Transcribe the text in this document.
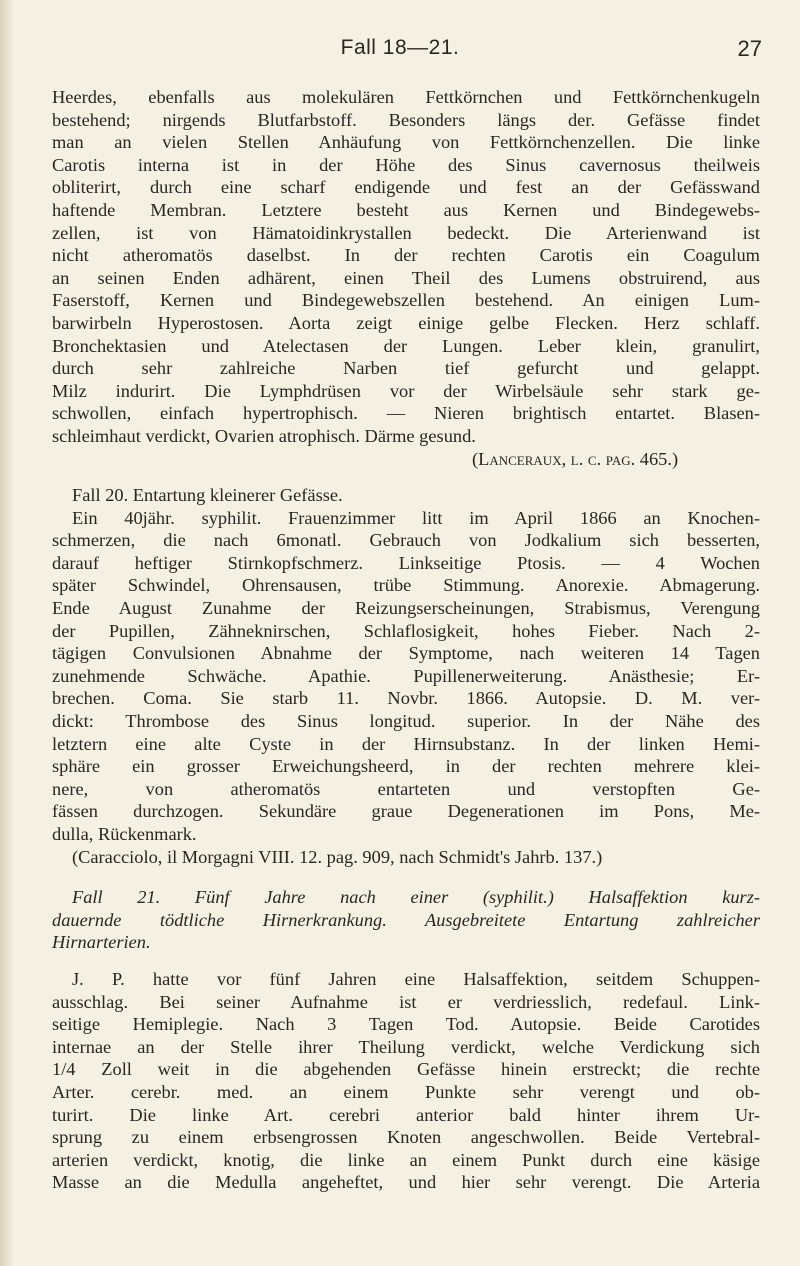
Fall 18—21.	27
Heerdes, ebenfalls aus molekulären Fettkörnchen und Fettkörnchenkugeln
bestehend; nirgends Blutfarbstoff. Besonders längs der. Gefässe findet
man an vielen Stellen Anhäufung von Fettkörnchenzellen. Die linke
Carotis interna ist in der Höhe des Sinus cavernosus theilweis
obliterirt, durch eine scharf endigende und fest an der Gefässwand
haftende Membran. Letztere besteht aus Kernen und Bindegewebs-
zellen, ist von Hämatoidinkrystallen bedeckt. Die Arterienwand ist
nicht atheromatös daselbst. In der rechten Carotis ein Coagulum
an seinen Enden adhärent, einen Theil des Lumens obstruirend, aus
Faserstoff, Kernen und Bindegewebszellen bestehend. An einigen Lum-
barwirbeln Hyperostosen. Aorta zeigt einige gelbe Flecken. Herz schlaff.
Bronchektasien und Atelectasen der Lungen. Leber klein, granulirt,
durch sehr zahlreiche Narben tief gefurcht und gelappt.
Milz indurirt. Die Lymphdrüsen vor der Wirbelsäule sehr stark ge-
schwollen, einfach hypertrophisch. — Nieren brightisch entartet. Blasen-
schleimhaut verdickt, Ovarien atrophisch. Därme gesund.
(Lanceraux, l. c. pag. 465.)
Fall 20. Entartung kleinerer Gefässe.
Ein 40jähr. syphilit. Frauenzimmer litt im April 1866 an Knochen-
schmerzen, die nach 6monatl. Gebrauch von Jodkalium sich besserten,
darauf heftiger Stirnkopfschmerz. Linkseitige Ptosis. — 4 Wochen
später Schwindel, Ohrensausen, trübe Stimmung. Anorexie. Abmagerung.
Ende August Zunahme der Reizungserscheinungen, Strabismus, Verengung
der Pupillen, Zähneknirschen, Schlaflosigkeit, hohes Fieber. Nach 2-
tägigen Convulsionen Abnahme der Symptome, nach weiteren 14 Tagen
zunehmende Schwäche. Apathie. Pupillenerweiterung. Anästhesie; Er-
brechen. Coma. Sie starb 11. Novbr. 1866. Autopsie. D. M. ver-
dickt: Thrombose des Sinus longitud. superior. In der Nähe des
letztern eine alte Cyste in der Hirnsubstanz. In der linken Hemi-
sphäre ein grosser Erweichungsheerd, in der rechten mehrere klei-
nere, von atheromatös entarteten und verstopften Ge-
fässen durchzogen. Sekundäre graue Degenerationen im Pons, Me-
dulla, Rückenmark.
(Caracciolo, il Morgagni VIII. 12. pag. 909, nach Schmidt's Jahrb. 137.)
Fall 21. Fünf Jahre nach einer (syphilit.) Halsaffektion kurz-
dauernde tödtliche Hirnerkrankung. Ausgebreitete Entartung zahlreicher
Hirnarterien.
J. P. hatte vor fünf Jahren eine Halsaffektion, seitdem Schuppen-
ausschlag. Bei seiner Aufnahme ist er verdriesslich, redefaul. Link-
seitige Hemiplegie. Nach 3 Tagen Tod. Autopsie. Beide Carotides
internae an der Stelle ihrer Theilung verdickt, welche Verdickung sich
1/4 Zoll weit in die abgehenden Gefässe hinein erstreckt; die rechte
Arter. cerebr. med. an einem Punkte sehr verengt und ob-
turirt. Die linke Art. cerebri anterior bald hinter ihrem Ur-
sprung zu einem erbsengrossen Knoten angeschwollen. Beide Vertebral-
arterien verdickt, knotig, die linke an einem Punkt durch eine käsige
Masse an die Medulla angeheftet, und hier sehr verengt. Die Arteria
